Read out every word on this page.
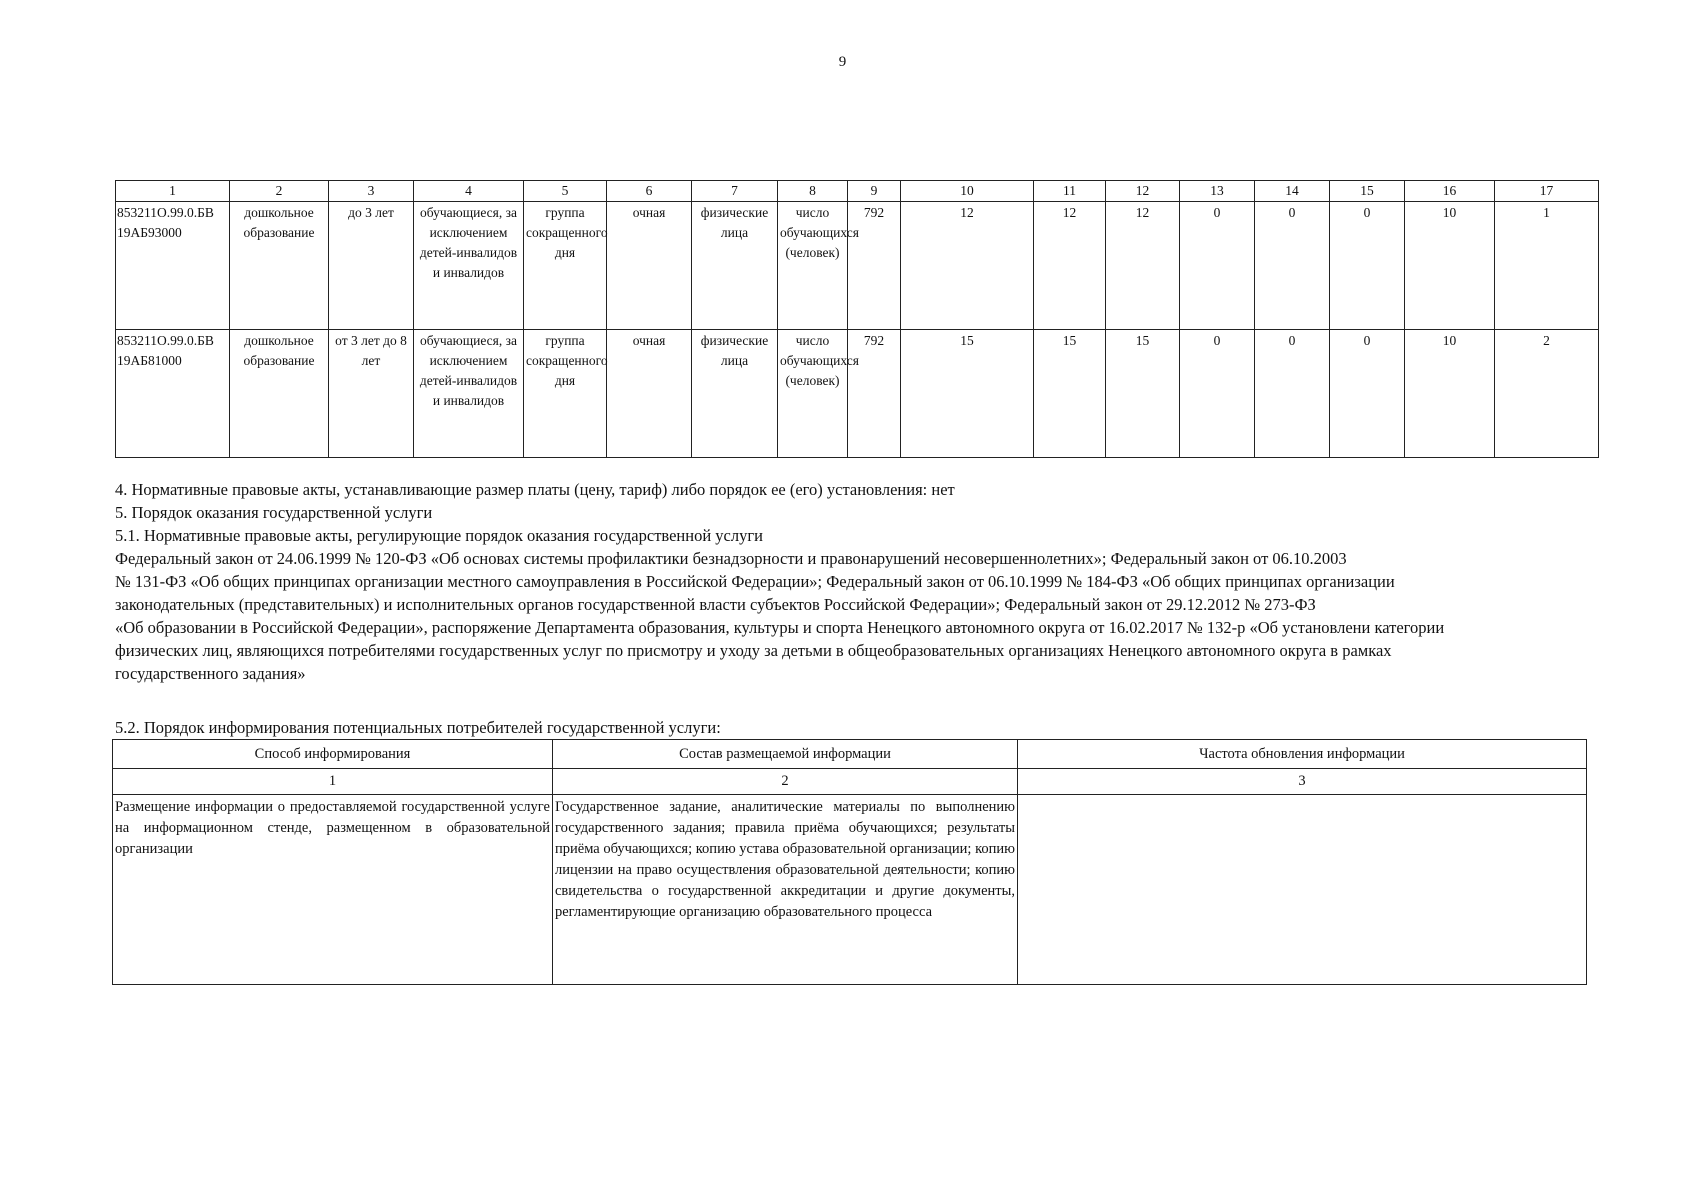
9
1	2	3	4	5	6	7	8	9	10	11	12	13	14	15	16	17
853211О.99.0.БВ 19АБ93000	дошкольное образование	до 3 лет	обучающиеся, за исключением детей-инвалидов и инвалидов	группа сокращенного дня	очная	физические лица	число обучающихся (человек)	792	12	12	12	0	0	0	10	1
853211О.99.0.БВ 19АБ81000	дошкольное образование	от 3 лет до 8 лет	обучающиеся, за исключением детей-инвалидов и инвалидов	группа сокращенного дня	очная	физические лица	число обучающихся (человек)	792	15	15	15	0	0	0	10	2

4. Нормативные правовые акты, устанавливающие размер платы (цену, тариф) либо порядок ее (его) установления: нет

5. Порядок оказания государственной услуги

5.1. Нормативные правовые акты, регулирующие порядок оказания государственной услуги

Федеральный закон от 24.06.1999 № 120-ФЗ «Об основах системы профилактики безнадзорности и правонарушений несовершеннолетних»; Федеральный закон от 06.10.2003

№ 131-ФЗ «Об общих принципах организации местного самоуправления в Российской Федерации»; Федеральный закон от 06.10.1999 № 184-ФЗ «Об общих принципах организации

законодательных (представительных) и исполнительных органов государственной власти субъектов Российской Федерации»; Федеральный закон от 29.12.2012 № 273-ФЗ

«Об образовании в Российской Федерации», распоряжение Департамента образования, культуры и спорта Ненецкого автономного округа от 16.02.2017 № 132-р «Об установлени категории

физических лиц, являющихся потребителями государственных услуг по присмотру и уходу за детьми в общеобразовательных организациях Ненецкого автономного округа в рамках

государственного задания»

5.2. Порядок информирования потенциальных потребителей государственной услуги:
Способ информирования	Состав размещаемой информации	Частота обновления информации
1	2	3
Размещение информации о предоставляемой государственной услуге на информационном стенде, размещенном в образовательной организации	Государственное задание, аналитические материалы по выполнению государственного задания; правила приёма обучающихся; результаты приёма обучающихся; копию устава образовательной организации; копию лицензии на право осуществления образовательной деятельности; копию свидетельства о государственной аккредитации и другие документы, регламентирующие организацию образовательного процесса	
